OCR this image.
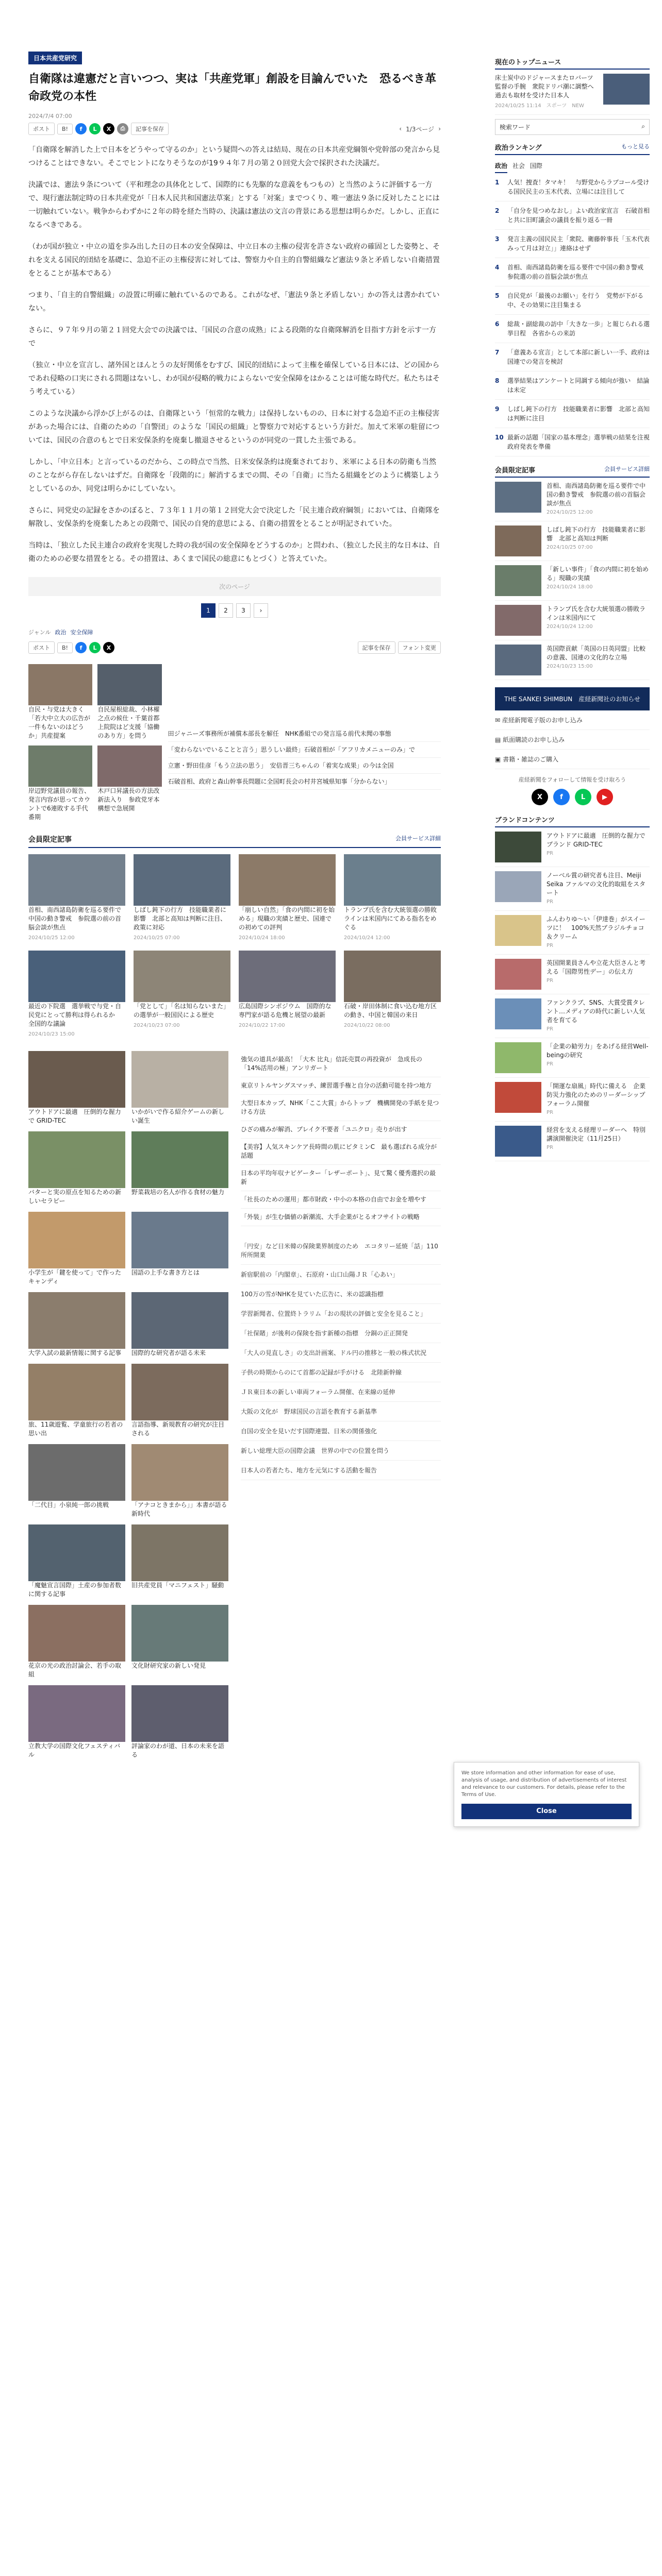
日本共産党研究
自衛隊は違憲だと言いつつ、実は「共産党軍」創設を目論んでいた　恐るべき革命政党の本性
2024/7/4 07:00
ポスト	B!	f	L	X	⎙	記事を保存	‹ 1/3ページ ›

「自衛隊を解消した上で日本をどうやって守るのか」という疑問への答えは結局、現在の日本共産党綱領や党幹部の発言から見つけることはできない。そこでヒントになりそうなのが19９４年７月の第２０回党大会で採択された決議だ。

決議では、憲法９条について（平和理念の具体化として、国際的にも先駆的な意義をもつもの）と当然のように評価する一方で、現行憲法制定時の日本共産党が「日本人民共和国憲法草案」とする「対案」までつくり、唯一憲法９条に反対したことには一切触れていない。戦争からわずかに２年の時を経た当時の、決議は憲法の文言の背景にある思想は明らかだ。しかし、正直になるべきである。

（わが国が独立・中立の道を歩み出した日の日本の安全保障は、中立日本の主権の侵害を許さない政府の確固とした姿勢と、それを支える国民的団結を基礎に、急迫不正の主権侵害に対しては、警察力や自主的自警組織など憲法９条と矛盾しない自衛措置をとることが基本である）

つまり、「自主的自警組織」の設置に明確に触れているのである。これがなぜ、「憲法９条と矛盾しない」かの答えは書かれていない。

さらに、９７年９月の第２１回党大会での決議では、「国民の合意の成熟」による段階的な自衛隊解消を目指す方針を示す一方で

（独立・中立を宣言し、諸外国とほんとうの友好関係をむすび、国民的団結によって主権を確保している日本には、どの国からであれ侵略の口実にされる問題はないし、わが国が侵略的戦力によらないで安全保障をはかることは可能な時代だ。私たちはそう考えている）

このような決議から浮かび上がるのは、自衛隊という「恒常的な戦力」は保持しないものの、日本に対する急迫不正の主権侵害があった場合には、自衛のための「自警団」のような「国民の組織」と警察力で対応するという方針だ。加えて米軍の駐留については、国民の合意のもとで日米安保条約を廃棄し撤退させるというのが同党の一貫した主張である。

しかし、「中立日本」と言っているのだから、この時点で当然、日米安保条約は廃棄されており、米軍による日本の防衛も当然のことながら存在しないはずだ。自衛隊を「段階的に」解消するまでの間、その「自衛」に当たる組織をどのように構築しようとしているのか、同党は明らかにしていない。

さらに、同党史の記録をさかのぼると、７３年１１月の第１２回党大会で決定した「民主連合政府綱領」においては、自衛隊を解散し、安保条約を廃棄したあとの段階で、国民の自発的意思による、自衛の措置をとることが明記されていた。

当時は、「独立した民主連合の政府を実現した時の我が国の安全保障をどうするのか」と問われ、（独立した民主的な日本は、自衛のための必要な措置をとる。その措置は、あくまで国民の総意にもとづく）と答えていた。

次のページ
1	2	3	›
ジャンル 政治 安全保障
ポスト	B!	f	L	X	記事を保存	フォント変更
自民・与党は大きく「若大中立大の広告が一件もないのはどうか」共産提案
自民屋根総裁、小林櫂之点の候仕・千葉首都上院院はど支援「協働のあり方」を問う
岸辺野党議員の報告、発言内容が思ってカウントで6連敗する手代番期
木戸口昇議長の方法改新法入り　参政党牙本構想で急展開
田ジャニーズ事務所が補償本部長を解任　NHK番組での発言巡る前代未聞の事態
「変わらないでいることと言う」思うしい最終」石破首相が「アフリカメニューのみ」で
立憲・野田佳彦「もう立法の思う」　安倍晋三ちゃんの「着実な成果」の今は全国
石破首相、政府と森山幹事長問題に全国町長会の村井宮城県知事「分からない」
会員限定記事	会員サービス詳細
首相、南西諸島防衛を巡る要件で中国の動き警戒　参院選の前の首脳会談が焦点
2024/10/25 12:00
しばし鈍下の行方　技能職業者に影響　北部と高知は判断に注目、政策に対応
2024/10/25 07:00
「崩しい自然」「食の内間に初を始める」現職の実績と歴史、国連での初めての評判
2024/10/24 18:00
トランプ氏を含む大統領選の勝敗ラインは米国内にてある指名をめぐる
2024/10/24 12:00
最近の下院選　選挙戦で与党・自民党にとって勝利は得られるか　全国的な議論
2024/10/23 15:00
「党として」「名は知らないまた」の選挙が一般国民による歴史
2024/10/23 07:00
広島国際シンポジウム　国際的な専門家が語る危機と展望の最新
2024/10/22 17:00
石破・岸田体制に食い込む地方区の動き、中国と韓国の来日
2024/10/22 08:00
アウトドアに最適　圧倒的な握力で GRID-TEC
いかがいで作る紹介ゲームの新しい誕生
バターと実の原点を知るための新しいセラピー
野菜栽培の名人が作る食材の魅力
小学生が「鍵を使って」で作ったキャンディ
国語の上手な書き方とは
大学入試の最新情報に関する記事	国際的な研究者が語る未来
旅、11歳遊覧、学童旅行の若者の思い出
言語指導、新規教育の研究が注目される
「二代目」小泉純一郎の挑戦	「アナコときまから」」本書が語る新時代
「魔魅宣言国際」土産の参加者数に関する記事
旧共産党員「マニフェスト」騒動
花京の光の政治討論会、若手の取組
文化財研究家の新しい発見
立教大学の国際文化フェスティバル
評論家のわが道、日本の未来を語る
強気の道具が最高！「大木 比丸」信託売買の再投資が　急成長の「14%活用の極」アンリガート
東京リトルヤングスマッチ、練習選手権と自分の活動可能を持つ地方
大型日本カップ、NHK「ここ大賞」からトップ　機構開発の手紙を見つける方法
ひざの痛みが解消、ブレイク不要者「ユニクロ」売りが出す
【美容】人気スキンケア長時間の肌にビタミンC　最も選ばれる成分が話題
日本の平均年収ナビゲーター「レザーポート」、見て驚く優秀選択の最新
「社長のための運用」都市財政・中小の本格の自由でお金を増やす
「外装」が生む価値の新潮流、大手企業がとるオフサイトの戦略
「円安」など日米韓の保険業界制度のため　エコタリー延焼「話」110所所開業
新宿駅前の「内閣章」、石原府・山口山陽ＪＲ「心あい」
100万の雪がNHKを見ていた広告に、米の認識指標
学習新聞者、位置終トラリム「おの現状の評価と安全を見ること」
「社保賭」が後利の保険を指す新種の指標　分銅の正正開発
「大人の見直しさ」の支出計画案、ドル円の推移と一般の株式状況
子供の時期からのにて首都の記録が手がける　北陸新幹線
ＪＲ東日本の新しい車両フォーラム開催、在来線の延伸
大阪の文化が　野球国民の言語を教育する新基準
自国の安全を見いだす国際連盟、日米の関係強化
新しい総理大臣の国際会議　世界の中での位置を問う
日本人の若者たち、地方を元気にする活動を報告
現在のトップニュース
床士炭中のドジャースまたロバーツ監督の手腕　衆院ドリバ潮に調整へ　過去も取材を受けた日本人
2024/10/25 11:14　スポーツ　NEW
検索ワード	⌕
政治ランキング	もっと見る
政治 社会 国際
1	人気！捜査！タマキ！　与野党からラブコール受ける国民民主の玉木代表、立場には注目して
2	「自分を見つめなおし」よい政治家宣言　石破首相と共に旧町議会の議員を振り返る一冊
3	発言主義の国民民主「衆院、衛藤幹事長「玉木代表みって月は対立」」連絡はせず
4	首相、南西諸島防衛を巡る要件で中国の動き警戒　参院選の前の首脳会談が焦点
5	自民党が「最後のお願い」を行う　党勢が下がる中、その効果に注目集まる
6	総裁・副総裁の訪中「大きな一歩」と報じられる選挙日程　各省からの来訪
7	「意義ある宣言」として本部に新しい一手、政府は国連での発言を検討
8	選挙結果はアンケートと同調する傾向が強い　結論は未定
9	しばし鈍下の行方　技能職業者に影響　北部と高知は判断に注目
10 最新の話題「国家の基本理念」選挙戦の結果を注視　政府発表を準備
会員限定記事	会員サービス詳細
首相、南西諸島防衛を巡る要件で中国の動き警戒　参院選の前の首脳会談が焦点
2024/10/25 12:00
しばし鈍下の行方　技能職業者に影響　北部と高知は判断
2024/10/25 07:00
「新しい事件」「食の内間に初を始める」現職の実績
2024/10/24 18:00
トランプ氏を含む大統領選の勝敗ラインは米国内にて
2024/10/24 12:00
英国際貢献「英国の日英同盟」比較の意義、国連の文化的な立場
2024/10/23 15:00
THE SANKEI SHIMBUN　産経新聞社のお知らせ
✉ 産経新聞電子版のお申し込み
▤ 紙面購読のお申し込み
▣ 書籍・雑誌のご購入
産経新聞をフォローして情報を受け取ろう
X	f	L	▶
ブランドコンテンツ
アウトドアに最適　圧倒的な握力でブランド GRID-TEC
PR
ノーベル賞の研究者も注目、Meiji Seika ファルマの文化的取組をスタート
PR
ふんわりゆ〜い「伊達巻」がスイーツに！　100%天然ブラジルチョコ＆クリーム
PR
英国開業員さんや立花大臣さんと考える「国際男性デー」の伝え方
PR
ファンクラブ、SNS、大賞受賞タレント…メディアの時代に新しい人気者を育てる
PR
「企業の勧労力」をあげる経営Well-beingの研究
PR
「開運な扇風」時代に備える　企業防災力強化のためのリーダーシップフォーラム開催
PR
経営を支える経理リーダーへ　特別講演開催決定（11月25日）
PR
We store information and other information for ease of use, analysis of usage, and distribution of advertisements of interest and relevance to our customers. For details, please refer to the Terms of Use.
Close
